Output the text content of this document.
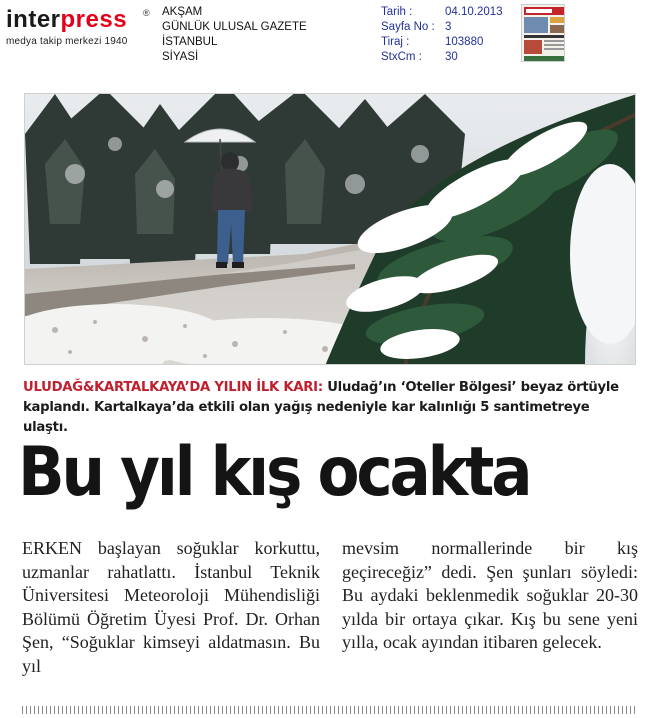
interpress ®
medya takip merkezi 1940
AKŞAM
GÜNLÜK ULUSAL GAZETE
İSTANBUL
SİYASİ
Tarih :	04.10.2013
Sayfa No : 3
Tiraj :	103880
StxCm :	30
ULUDAĞ&KARTALKAYA’DA YILIN İLK KARI: Uludağ’ın ‘Oteller Bölgesi’ beyaz örtüyle kaplandı. Kartalkaya’da etkili olan yağış nedeniyle kar kalınlığı 5 santimetreye ulaştı.
Bu yıl kış ocakta
ERKEN başlayan soğuklar korkuttu, uzmanlar rahatlattı. İstanbul Teknik Üniversitesi Meteoroloji Mühendisliği Bölümü Öğretim Üyesi Prof. Dr. Orhan Şen, “Soğuklar kimseyi aldatmasın. Bu yıl
mevsim normallerinde bir kış geçireceğiz” dedi. Şen şunları söyledi: Bu aydaki beklenmedik soğuklar 20-30 yılda bir ortaya çıkar. Kış bu sene yeni yılla, ocak ayından itibaren gelecek.
